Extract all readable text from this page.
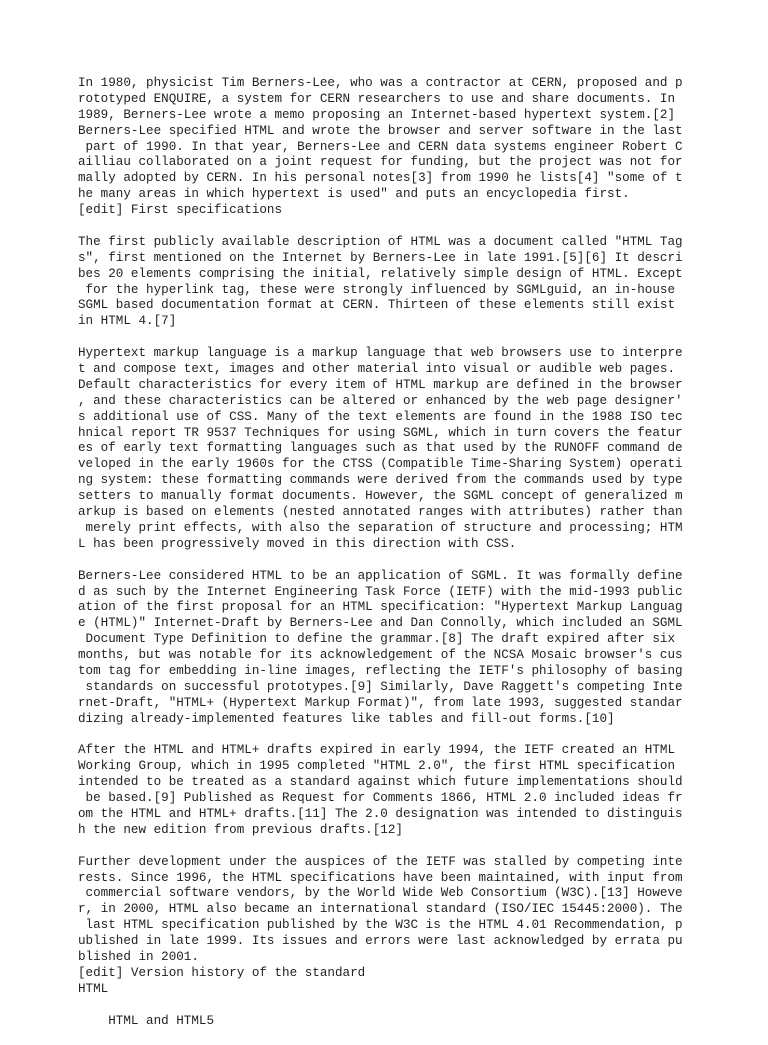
In 1980, physicist Tim Berners-Lee, who was a contractor at CERN, proposed and p
rototyped ENQUIRE, a system for CERN researchers to use and share documents. In
1989, Berners-Lee wrote a memo proposing an Internet-based hypertext system.[2]
Berners-Lee specified HTML and wrote the browser and server software in the last
part of 1990. In that year, Berners-Lee and CERN data systems engineer Robert C
ailliau collaborated on a joint request for funding, but the project was not for
mally adopted by CERN. In his personal notes[3] from 1990 he lists[4] "some of t
he many areas in which hypertext is used" and puts an encyclopedia first.
[edit] First specifications
The first publicly available description of HTML was a document called "HTML Tag
s", first mentioned on the Internet by Berners-Lee in late 1991.[5][6] It descri
bes 20 elements comprising the initial, relatively simple design of HTML. Except
for the hyperlink tag, these were strongly influenced by SGMLguid, an in-house
SGML based documentation format at CERN. Thirteen of these elements still exist
in HTML 4.[7]
Hypertext markup language is a markup language that web browsers use to interpre
t and compose text, images and other material into visual or audible web pages.
Default characteristics for every item of HTML markup are defined in the browser
, and these characteristics can be altered or enhanced by the web page designer'
s additional use of CSS. Many of the text elements are found in the 1988 ISO tec
hnical report TR 9537 Techniques for using SGML, which in turn covers the featur
es of early text formatting languages such as that used by the RUNOFF command de
veloped in the early 1960s for the CTSS (Compatible Time-Sharing System) operati
ng system: these formatting commands were derived from the commands used by type
setters to manually format documents. However, the SGML concept of generalized m
arkup is based on elements (nested annotated ranges with attributes) rather than
merely print effects, with also the separation of structure and processing; HTM
L has been progressively moved in this direction with CSS.
Berners-Lee considered HTML to be an application of SGML. It was formally define
d as such by the Internet Engineering Task Force (IETF) with the mid-1993 public
ation of the first proposal for an HTML specification: "Hypertext Markup Languag
e (HTML)" Internet-Draft by Berners-Lee and Dan Connolly, which included an SGML
Document Type Definition to define the grammar.[8] The draft expired after six
months, but was notable for its acknowledgement of the NCSA Mosaic browser's cus
tom tag for embedding in-line images, reflecting the IETF's philosophy of basing
standards on successful prototypes.[9] Similarly, Dave Raggett's competing Inte
rnet-Draft, "HTML+ (Hypertext Markup Format)", from late 1993, suggested standar
dizing already-implemented features like tables and fill-out forms.[10]
After the HTML and HTML+ drafts expired in early 1994, the IETF created an HTML
Working Group, which in 1995 completed "HTML 2.0", the first HTML specification
intended to be treated as a standard against which future implementations should
be based.[9] Published as Request for Comments 1866, HTML 2.0 included ideas fr
om the HTML and HTML+ drafts.[11] The 2.0 designation was intended to distinguis
h the new edition from previous drafts.[12]
Further development under the auspices of the IETF was stalled by competing inte
rests. Since 1996, the HTML specifications have been maintained, with input from
commercial software vendors, by the World Wide Web Consortium (W3C).[13] Howeve
r, in 2000, HTML also became an international standard (ISO/IEC 15445:2000). The
last HTML specification published by the W3C is the HTML 4.01 Recommendation, p
ublished in late 1999. Its issues and errors were last acknowledged by errata pu
blished in 2001.
[edit] Version history of the standard
HTML
HTML and HTML5
